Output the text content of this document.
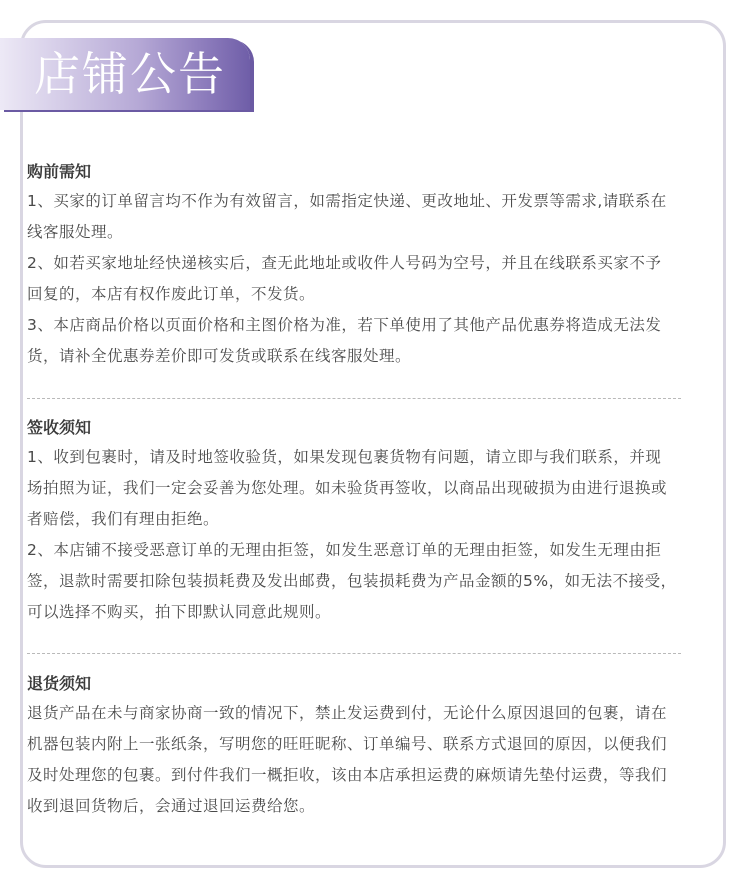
店铺公告
购前需知

1、买家的订单留言均不作为有效留言，如需指定快递、更改地址、开发票等需求,请联系在线客服处理。

2、如若买家地址经快递核实后，查无此地址或收件人号码为空号，并且在线联系买家不予回复的，本店有权作废此订单，不发货。

3、本店商品价格以页面价格和主图价格为准，若下单使用了其他产品优惠券将造成无法发货，请补全优惠券差价即可发货或联系在线客服处理。

签收须知

1、收到包裹时，请及时地签收验货，如果发现包裹货物有问题，请立即与我们联系，并现场拍照为证，我们一定会妥善为您处理。如未验货再签收，以商品出现破损为由进行退换或者赔偿，我们有理由拒绝。

2、本店铺不接受恶意订单的无理由拒签，如发生恶意订单的无理由拒签，如发生无理由拒签，退款时需要扣除包装损耗费及发出邮费，包装损耗费为产品金额的5%，如无法不接受，可以选择不购买，拍下即默认同意此规则。

退货须知

退货产品在未与商家协商一致的情况下，禁止发运费到付，无论什么原因退回的包裹，请在机器包装内附上一张纸条，写明您的旺旺昵称、订单编号、联系方式退回的原因，以便我们及时处理您的包裹。到付件我们一概拒收，该由本店承担运费的麻烦请先垫付运费，等我们收到退回货物后，会通过退回运费给您。
